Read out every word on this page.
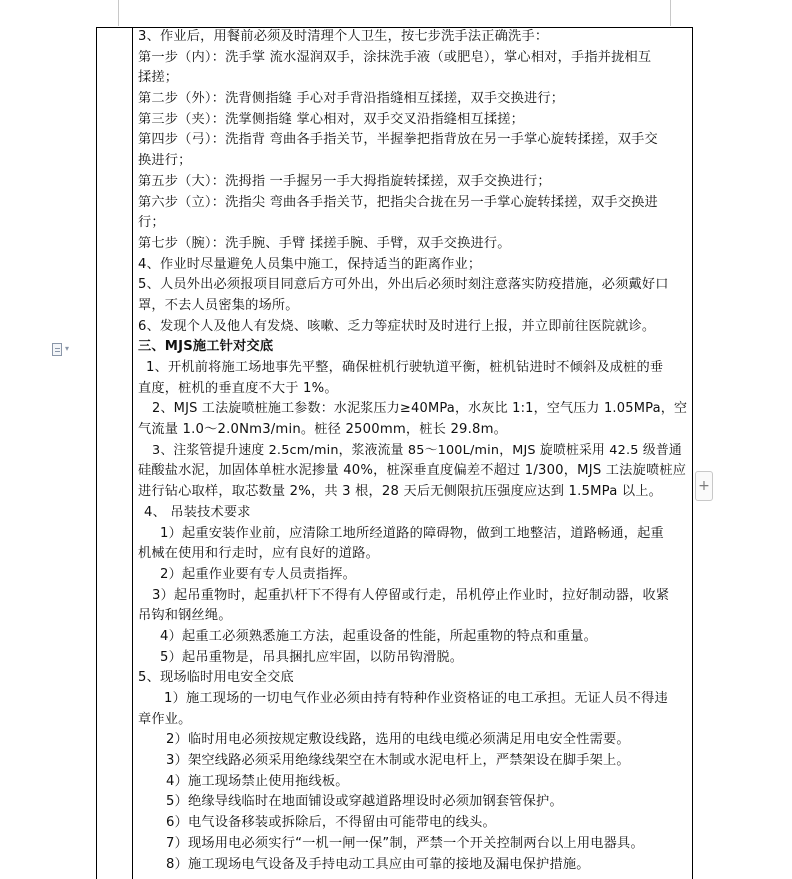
▾
+
3、作业后，用餐前必须及时清理个人卫生，按七步洗手法正确洗手：
第一步（内）：洗手掌 流水湿润双手，涂抹洗手液（或肥皂），掌心相对，手指并拢相互
揉搓；
第二步（外）：洗背侧指缝 手心对手背沿指缝相互揉搓，双手交换进行；
第三步（夹）：洗掌侧指缝 掌心相对，双手交叉沿指缝相互揉搓；
第四步（弓）：洗指背 弯曲各手指关节，半握拳把指背放在另一手掌心旋转揉搓，双手交
换进行；
第五步（大）：洗拇指 一手握另一手大拇指旋转揉搓，双手交换进行；
第六步（立）：洗指尖 弯曲各手指关节，把指尖合拢在另一手掌心旋转揉搓，双手交换进
行；
第七步（腕）：洗手腕、手臂 揉搓手腕、手臂，双手交换进行。
4、作业时尽量避免人员集中施工，保持适当的距离作业；
5、人员外出必须报项目同意后方可外出，外出后必须时刻注意落实防疫措施，必须戴好口
罩，不去人员密集的场所。
6、发现个人及他人有发烧、咳嗽、乏力等症状时及时进行上报，并立即前往医院就诊。
三、MJS施工针对交底
1、开机前将施工场地事先平整，确保桩机行驶轨道平衡，桩机钻进时不倾斜及成桩的垂
直度，桩机的垂直度不大于 1%。
2、MJS 工法旋喷桩施工参数：水泥浆压力≥40MPa，水灰比 1:1，空气压力 1.05MPa，空
气流量 1.0～2.0Nm3/min。桩径 2500mm，桩长 29.8m。
3、注浆管提升速度 2.5cm/min，浆液流量 85～100L/min，MJS 旋喷桩采用 42.5 级普通
硅酸盐水泥，加固体单桩水泥掺量 40%，桩深垂直度偏差不超过 1/300，MJS 工法旋喷桩应
进行钻心取样，取芯数量 2%，共 3 根，28 天后无侧限抗压强度应达到 1.5MPa 以上。
4、 吊装技术要求
1）起重安装作业前，应清除工地所经道路的障碍物，做到工地整洁，道路畅通，起重
机械在使用和行走时，应有良好的道路。
2）起重作业要有专人员责指挥。
3）起吊重物时，起重扒杆下不得有人停留或行走，吊机停止作业时，拉好制动器，收紧
吊钩和钢丝绳。
4）起重工必须熟悉施工方法，起重设备的性能，所起重物的特点和重量。
5）起吊重物是，吊具捆扎应牢固，以防吊钩滑脱。
5、现场临时用电安全交底
1）施工现场的一切电气作业必须由持有特种作业资格证的电工承担。无证人员不得违
章作业。
2）临时用电必须按规定敷设线路，选用的电线电缆必须满足用电安全性需要。
3）架空线路必须采用绝缘线架空在木制或水泥电杆上，严禁架设在脚手架上。
4）施工现场禁止使用拖线板。
5）绝缘导线临时在地面铺设或穿越道路埋设时必须加钢套管保护。
6）电气设备移装或拆除后，不得留由可能带电的线头。
7）现场用电必须实行“一机一闸一保”制，严禁一个开关控制两台以上用电器具。
8）施工现场电气设备及手持电动工具应由可靠的接地及漏电保护措施。
